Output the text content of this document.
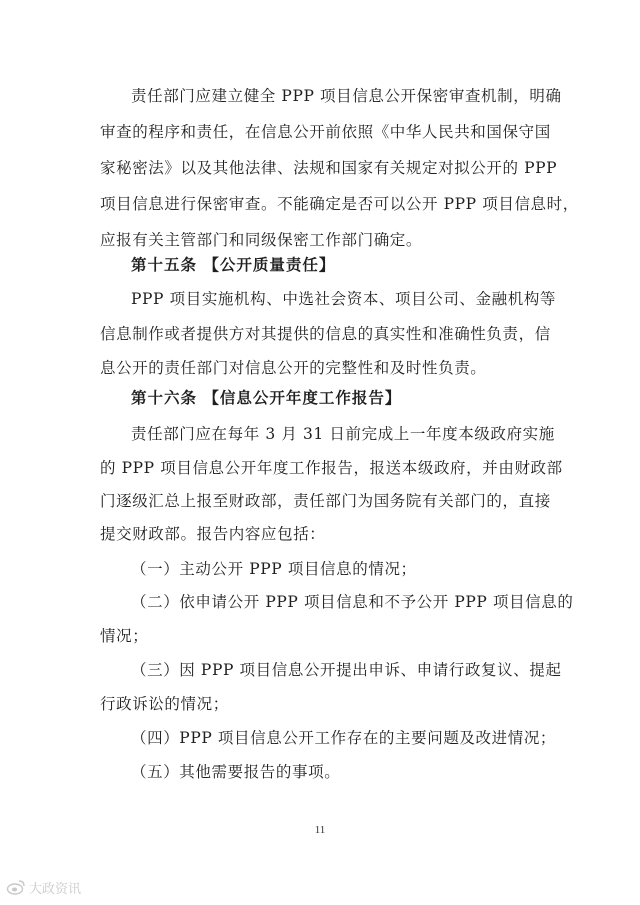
责任部门应建立健全 PPP 项目信息公开保密审查机制，明确
审查的程序和责任，在信息公开前依照《中华人民共和国保守国
家秘密法》以及其他法律、法规和国家有关规定对拟公开的 PPP
项目信息进行保密审查。不能确定是否可以公开 PPP 项目信息时，
应报有关主管部门和同级保密工作部门确定。
第十五条 【公开质量责任】
PPP 项目实施机构、中选社会资本、项目公司、金融机构等
信息制作或者提供方对其提供的信息的真实性和准确性负责，信
息公开的责任部门对信息公开的完整性和及时性负责。
第十六条 【信息公开年度工作报告】
责任部门应在每年 3 月 31 日前完成上一年度本级政府实施
的 PPP 项目信息公开年度工作报告，报送本级政府，并由财政部
门逐级汇总上报至财政部，责任部门为国务院有关部门的，直接
提交财政部。报告内容应包括：
（一）主动公开 PPP 项目信息的情况；
（二）依申请公开 PPP 项目信息和不予公开 PPP 项目信息的
情况；
（三）因 PPP 项目信息公开提出申诉、申请行政复议、提起
行政诉讼的情况；
（四）PPP 项目信息公开工作存在的主要问题及改进情况；
（五）其他需要报告的事项。
11
大政资讯
